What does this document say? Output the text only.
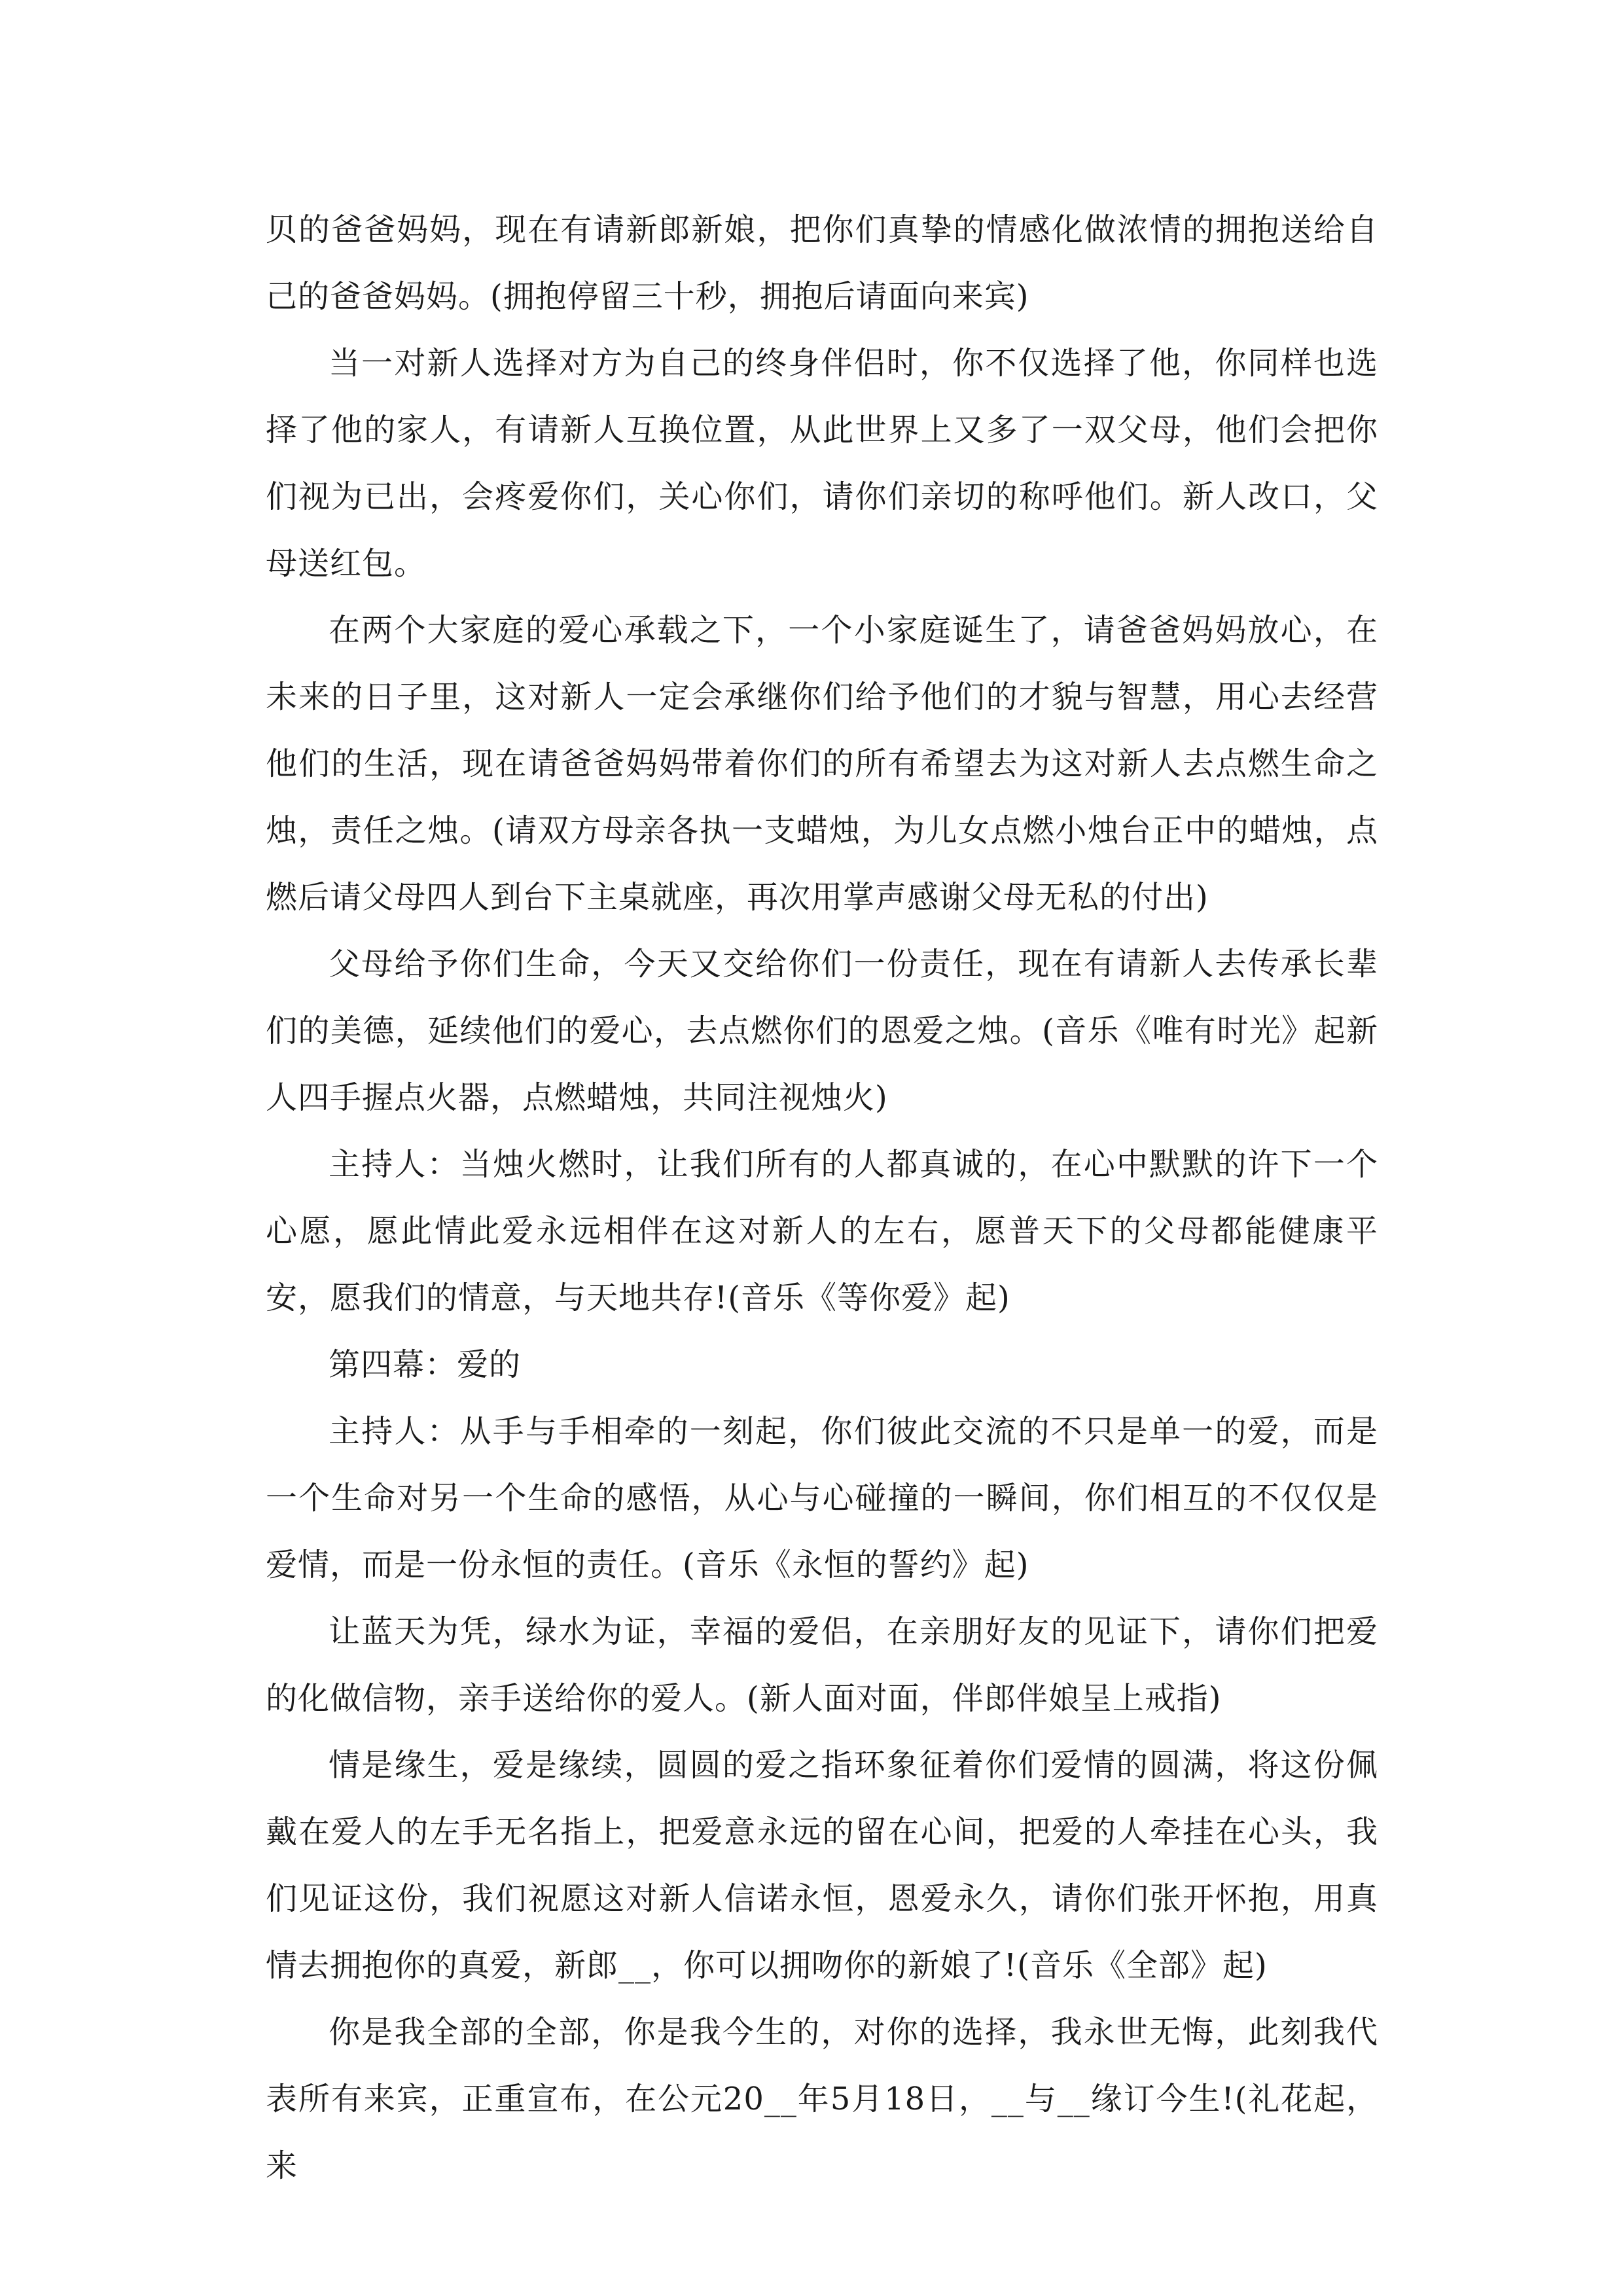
贝的爸爸妈妈，现在有请新郎新娘，把你们真挚的情感化做浓情的拥抱送给自己的爸爸妈妈。(拥抱停留三十秒，拥抱后请面向来宾)

当一对新人选择对方为自己的终身伴侣时，你不仅选择了他，你同样也选择了他的家人，有请新人互换位置，从此世界上又多了一双父母，他们会把你们视为已出，会疼爱你们，关心你们，请你们亲切的称呼他们。新人改口，父母送红包。

在两个大家庭的爱心承载之下，一个小家庭诞生了，请爸爸妈妈放心，在未来的日子里，这对新人一定会承继你们给予他们的才貌与智慧，用心去经营他们的生活，现在请爸爸妈妈带着你们的所有希望去为这对新人去点燃生命之烛，责任之烛。(请双方母亲各执一支蜡烛，为儿女点燃小烛台正中的蜡烛，点燃后请父母四人到台下主桌就座，再次用掌声感谢父母无私的付出)

父母给予你们生命，今天又交给你们一份责任，现在有请新人去传承长辈们的美德，延续他们的爱心，去点燃你们的恩爱之烛。(音乐《唯有时光》起新人四手握点火器，点燃蜡烛，共同注视烛火)

主持人：当烛火燃时，让我们所有的人都真诚的，在心中默默的许下一个心愿，愿此情此爱永远相伴在这对新人的左右，愿普天下的父母都能健康平安，愿我们的情意，与天地共存!(音乐《等你爱》起)

第四幕：爱的

主持人：从手与手相牵的一刻起，你们彼此交流的不只是单一的爱，而是一个生命对另一个生命的感悟，从心与心碰撞的一瞬间，你们相互的不仅仅是爱情，而是一份永恒的责任。(音乐《永恒的誓约》起)

让蓝天为凭，绿水为证，幸福的爱侣，在亲朋好友的见证下，请你们把爱的化做信物，亲手送给你的爱人。(新人面对面，伴郎伴娘呈上戒指)

情是缘生，爱是缘续，圆圆的爱之指环象征着你们爱情的圆满，将这份佩戴在爱人的左手无名指上，把爱意永远的留在心间，把爱的人牵挂在心头，我们见证这份，我们祝愿这对新人信诺永恒，恩爱永久，请你们张开怀抱，用真情去拥抱你的真爱，新郎__，你可以拥吻你的新娘了!(音乐《全部》起)

你是我全部的全部，你是我今生的，对你的选择，我永世无悔，此刻我代表所有来宾，正重宣布，在公元20__年5月18日，__与__缘订今生!(礼花起，来
